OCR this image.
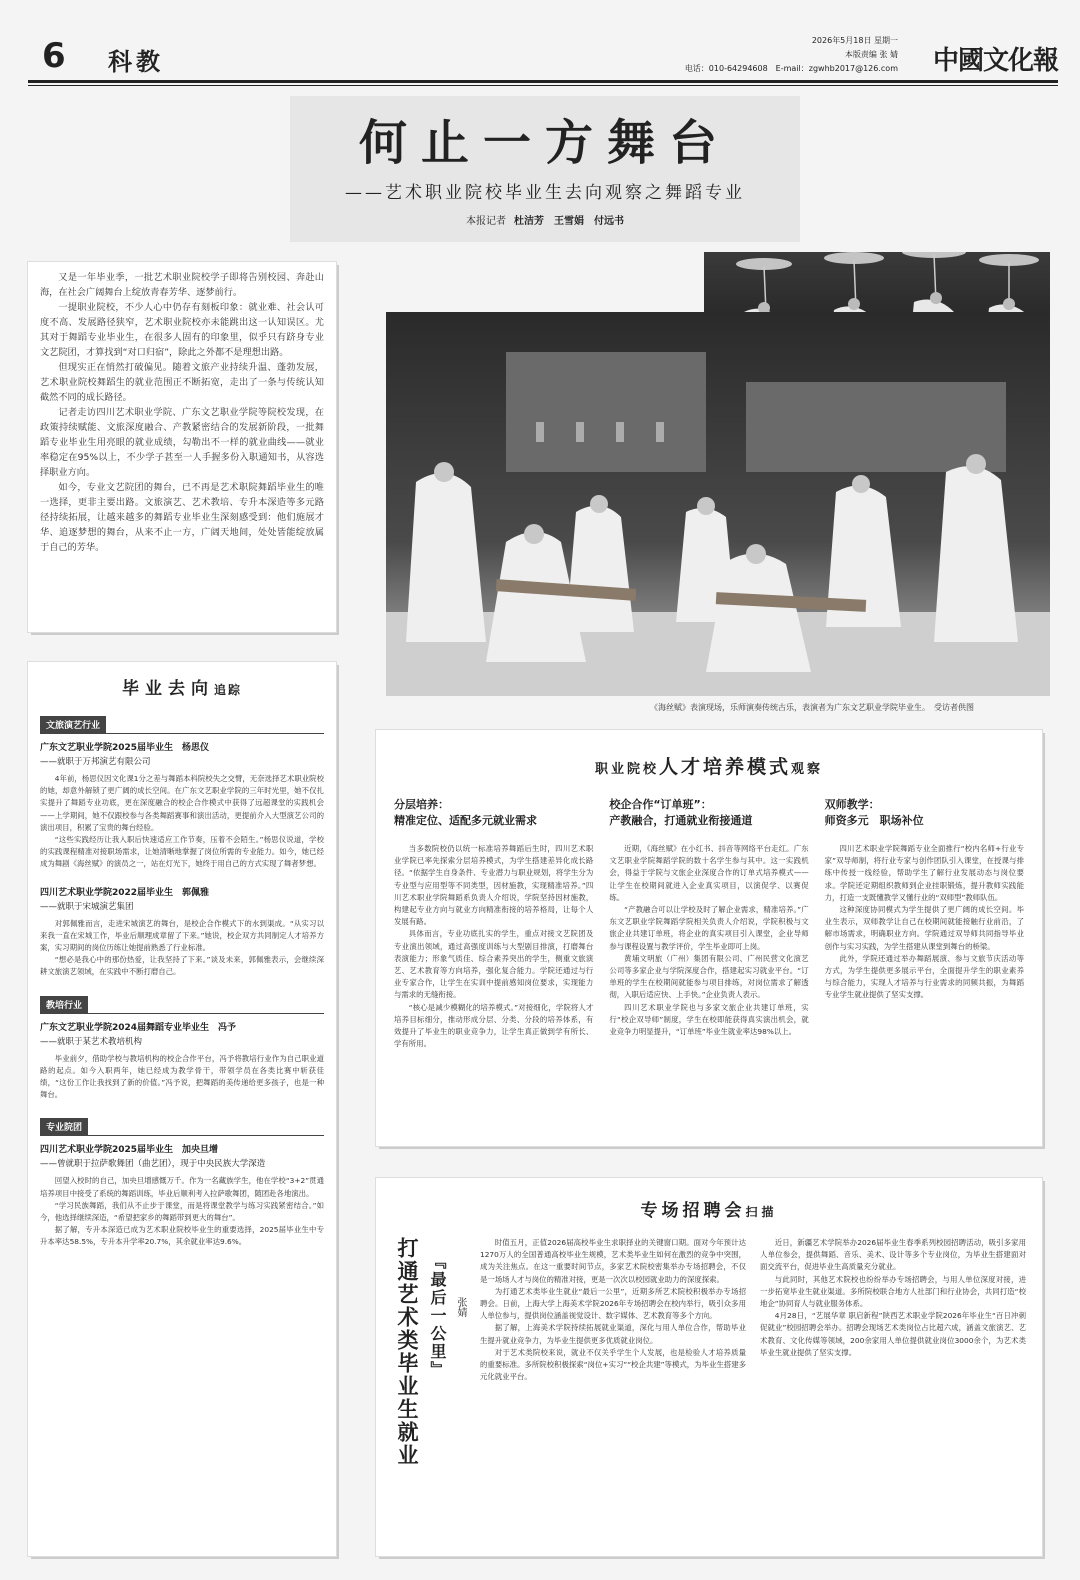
6 科教
2026年5月18日 星期一
本版责编 张 婧
电话：010-64294608　E-mail：zgwhb2017@126.com 中國文化報
何止一方舞台
——艺术职业院校毕业生去向观察之舞蹈专业
本报记者 杜洁芳　王雪娟　付远书

又是一年毕业季，一批艺术职业院校学子即将告别校园、奔赴山海，在社会广阔舞台上绽放青春芳华、逐梦前行。

一提职业院校，不少人心中仍存有刻板印象：就业难、社会认可度不高、发展路径狭窄，艺术职业院校亦未能跳出这一认知误区。尤其对于舞蹈专业毕业生，在很多人固有的印象里，似乎只有跻身专业文艺院团，才算找到“对口归宿”，除此之外都不是理想出路。

但现实正在悄然打破偏见。随着文旅产业持续升温、蓬勃发展，艺术职业院校舞蹈生的就业范围正不断拓宽，走出了一条与传统认知截然不同的成长路径。

记者走访四川艺术职业学院、广东文艺职业学院等院校发现，在政策持续赋能、文旅深度融合、产教紧密结合的发展新阶段，一批舞蹈专业毕业生用亮眼的就业成绩，勾勒出不一样的就业曲线——就业率稳定在95%以上，不少学子甚至一人手握多份入职通知书，从容选择职业方向。

如今，专业文艺院团的舞台，已不再是艺术职院舞蹈毕业生的唯一选择，更非主要出路。文旅演艺、艺术教培、专升本深造等多元路径持续拓展，让越来越多的舞蹈专业毕业生深刻感受到：他们施展才华、追逐梦想的舞台，从来不止一方，广阔天地间，处处皆能绽放属于自己的芳华。

《海丝赋》表演现场，乐师演奏传统古乐，表演者为广东文艺职业学院毕业生。　受访者供图
毕业去向追踪
文旅演艺行业

广东文艺职业学院2025届毕业生　杨思仪

——就职于万邦演艺有限公司

4年前，杨思仪因文化课1分之差与舞蹈本科院校失之交臂，无奈选择艺术职业院校的她，却意外解锁了更广阔的成长空间。在广东文艺职业学院的三年时光里，她不仅扎实提升了舞蹈专业功底，更在深度融合的校企合作模式中获得了远超课堂的实践机会——上学期间，她不仅跟校参与各类舞蹈赛事和演出活动，更提前介入大型演艺公司的演出项目，积累了宝贵的舞台经验。

“这些实践经历让我入职后快速适应工作节奏，压着不会陌生。”杨思仪说道，学校的实践课程精准对接职场需求，让她清晰地掌握了岗位所需的专业能力。如今，她已经成为舞剧《海丝赋》的演员之一，站在灯光下，她终于用自己的方式实现了舞者梦想。

四川艺术职业学院2022届毕业生　郭佩雅

——就职于宋城演艺集团

对郭佩雅而言，走进宋城演艺的舞台，是校企合作模式下的水到渠成。“从实习以来我一直在宋城工作，毕业后顺理成章留了下来。”她说，校企双方共同制定人才培养方案，实习期间的岗位历练让她提前熟悉了行业标准。

“想必是我心中的那份热爱，让我坚持了下来。”谈及未来，郭佩雅表示，会继续深耕文旅演艺领域，在实践中不断打磨自己。

教培行业

广东文艺职业学院2024届舞蹈专业毕业生　冯予

——就职于某艺术教培机构

毕业前夕，借助学校与教培机构的校企合作平台，冯予将教培行业作为自己职业道路的起点。如今入职两年，她已经成为教学骨干，带领学员在各类比赛中斩获佳绩，“这份工作让我找到了新的价值。”冯予说，把舞蹈的美传递给更多孩子，也是一种舞台。

专业院团

四川艺术职业学院2025届毕业生　加央旦增

——曾就职于拉萨歌舞团（曲艺团），现于中央民族大学深造

回望入校时的自己，加央旦增感慨万千。作为一名藏族学生，他在学校“3+2”贯通培养项目中接受了系统的舞蹈训练，毕业后顺利考入拉萨歌舞团，随团赴各地演出。

“学习民族舞蹈，我们从不止步于课堂，而是将课堂教学与练习实践紧密结合。”如今，他选择继续深造，“希望把家乡的舞蹈带到更大的舞台”。

据了解，专升本深造已成为艺术职业院校毕业生的重要选择，2025届毕业生中专升本率达58.5%，专升本升学率20.7%，其余就业率达9.6%。

职业院校人才培养模式观察

分层培养：

精准定位、适配多元就业需求

当多数院校仍以统一标准培养舞蹈后生时，四川艺术职业学院已率先探索分层培养模式，为学生搭建差异化成长路径。“依据学生自身条件、专业潜力与职业规划，将学生分为专业型与应用型等不同类型，因材施教，实现精准培养。”四川艺术职业学院舞蹈系负责人介绍说，学院坚持因材施教，构建起专业方向与就业方向精准衔接的培养格局，让每个人发展有路。

具体而言，专业功底扎实的学生，重点对接文艺院团及专业演出领域，通过高强度训练与大型剧目排演，打磨舞台表演能力；形象气质佳、综合素养突出的学生，侧重文旅演艺、艺术教育等方向培养，强化复合能力。学院还通过与行业专家合作，让学生在实训中提前感知岗位要求，实现能力与需求的无缝衔接。

“核心是减少模糊化的培养模式。”对接细化，学院将人才培养目标细分，推动形成分层、分类、分段的培养体系，有效提升了毕业生的职业竞争力，让学生真正做到学有所长、学有所用。

校企合作“订单班”：

产教融合，打通就业衔接通道

近期，《海丝赋》在小红书、抖音等网络平台走红。广东文艺职业学院舞蹈学院的数十名学生参与其中。这一实践机会，得益于学院与文旅企业深度合作的订单式培养模式——让学生在校期间就进入企业真实项目，以演促学、以赛促练。

“产教融合可以让学校及时了解企业需求，精准培养。”广东文艺职业学院舞蹈学院相关负责人介绍说，学院积极与文旅企业共建订单班，将企业的真实项目引入课堂，企业导师参与课程设置与教学评价，学生毕业即可上岗。

黄埔文明旅（广州）集团有限公司、广州民营文化演艺公司等多家企业与学院深度合作，搭建起实习就业平台。“订单班的学生在校期间就能参与项目排练，对岗位需求了解透彻，入职后适应快、上手快。”企业负责人表示。

四川艺术职业学院也与多家文旅企业共建订单班，实行“校企双导师”制度，学生在校即能获得真实演出机会，就业竞争力明显提升，“订单班”毕业生就业率达98%以上。

双师教学：

师资多元　职场补位

四川艺术职业学院舞蹈专业全面推行“校内名师+行业专家”双导师制，将行业专家与创作团队引入课堂，在授课与排练中传授一线经验，帮助学生了解行业发展动态与岗位要求。学院还定期组织教师到企业挂职锻炼，提升教师实践能力，打造一支既懂教学又懂行业的“双师型”教师队伍。

这种深度协同模式为学生提供了更广阔的成长空间。毕业生表示，双师教学让自己在校期间就能接触行业前沿，了解市场需求，明确职业方向。学院通过双导师共同指导毕业创作与实习实践，为学生搭建从课堂到舞台的桥梁。

此外，学院还通过举办舞蹈展演、参与文旅节庆活动等方式，为学生提供更多展示平台，全面提升学生的职业素养与综合能力，实现人才培养与行业需求的同频共振，为舞蹈专业学生就业提供了坚实支撑。

专场招聘会扫描
打通艺术类毕业生就业 『最后一公里』 张婧

时值五月，正值2026届高校毕业生求职择业的关键窗口期。面对今年预计达1270万人的全国普通高校毕业生规模，艺术类毕业生如何在激烈的竞争中突围，成为关注焦点。在这一重要时间节点，多家艺术院校密集举办专场招聘会，不仅是一场场人才与岗位的精准对接，更是一次次以校园就业助力的深度探索。

为打通艺术类毕业生就业“最后一公里”，近期多所艺术院校积极举办专场招聘会。日前，上海大学上海美术学院2026年专场招聘会在校内举行，吸引众多用人单位参与，提供岗位涵盖视觉设计、数字媒体、艺术教育等多个方向。

据了解，上海美术学院持续拓展就业渠道，深化与用人单位合作，帮助毕业生提升就业竞争力，为毕业生提供更多优质就业岗位。

对于艺术类院校来说，就业不仅关乎学生个人发展，也是检验人才培养质量的重要标准。多所院校积极探索“岗位+实习”“校企共建”等模式，为毕业生搭建多元化就业平台。

近日，新疆艺术学院举办2026届毕业生春季系列校园招聘活动，吸引多家用人单位参会，提供舞蹈、音乐、美术、设计等多个专业岗位，为毕业生搭建面对面交流平台，促进毕业生高质量充分就业。

与此同时，其他艺术院校也纷纷举办专场招聘会，与用人单位深度对接，进一步拓宽毕业生就业渠道。多所院校联合地方人社部门和行业协会，共同打造“校地企”协同育人与就业服务体系。

4月28日，“艺展华章 职启新程”陕西艺术职业学院2026年毕业生“百日冲刺促就业”校园招聘会举办。招聘会现场艺术类岗位占比超六成，涵盖文旅演艺、艺术教育、文化传媒等领域，200余家用人单位提供就业岗位3000余个，为艺术类毕业生就业提供了坚实支撑。
